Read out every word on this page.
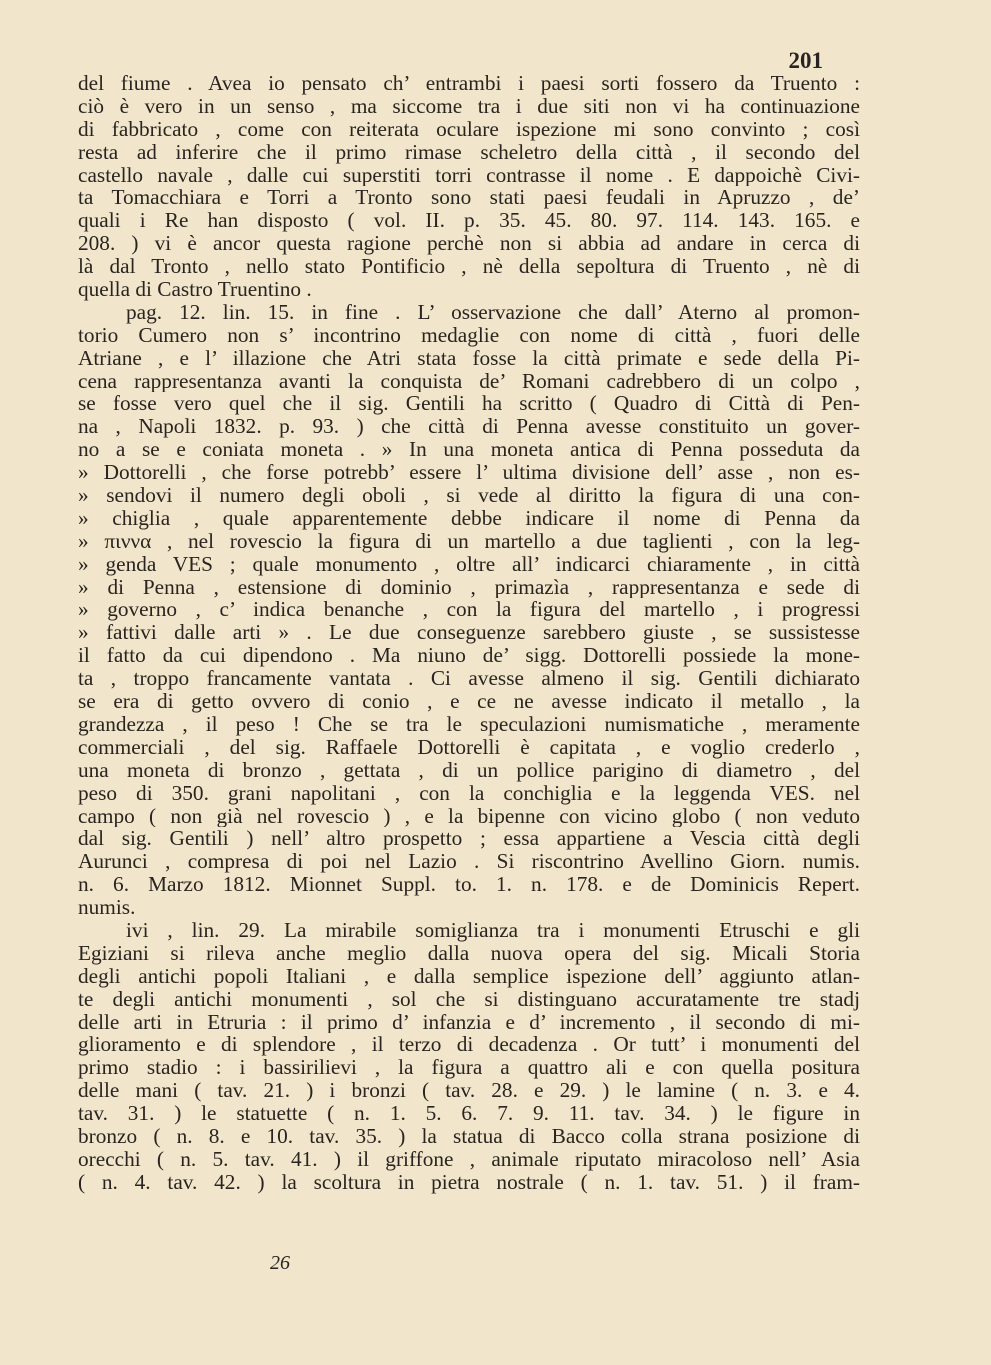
201
del fiume . Avea io pensato ch’ entrambi i paesi sorti fossero da Truento :
ciò è vero in un senso , ma siccome tra i due siti non vi ha continuazione
di fabbricato , come con reiterata oculare ispezione mi sono convinto ; così
resta ad inferire che il primo rimase scheletro della città , il secondo del
castello navale , dalle cui superstiti torri contrasse il nome . E dappoichè Civi-
ta Tomacchiara e Torri a Tronto sono stati paesi feudali in Apruzzo , de’
quali i Re han disposto ( vol. II. p. 35. 45. 80. 97. 114. 143. 165. e
208. ) vi è ancor questa ragione perchè non si abbia ad andare in cerca di
là dal Tronto , nello stato Pontificio , nè della sepoltura di Truento , nè di
quella di Castro Truentino .
pag. 12. lin. 15. in fine . L’ osservazione che dall’ Aterno al promon-
torio Cumero non s’ incontrino medaglie con nome di città , fuori delle
Atriane , e l’ illazione che Atri stata fosse la città primate e sede della Pi-
cena rappresentanza avanti la conquista de’ Romani cadrebbero di un colpo ,
se fosse vero quel che il sig. Gentili ha scritto ( Quadro di Città di Pen-
na , Napoli 1832. p. 93. ) che città di Penna avesse constituito un gover-
no a se e coniata moneta . » In una moneta antica di Penna posseduta da
» Dottorelli , che forse potrebb’ essere l’ ultima divisione dell’ asse , non es-
» sendovi il numero degli oboli , si vede al diritto la figura di una con-
» chiglia , quale apparentemente debbe indicare il nome di Penna da
» πιννα , nel rovescio la figura di un martello a due taglienti , con la leg-
» genda VES ; quale monumento , oltre all’ indicarci chiaramente , in città
» di Penna , estensione di dominio , primazìa , rappresentanza e sede di
» governo , c’ indica benanche , con la figura del martello , i progressi
» fattivi dalle arti » . Le due conseguenze sarebbero giuste , se sussistesse
il fatto da cui dipendono . Ma niuno de’ sigg. Dottorelli possiede la mone-
ta , troppo francamente vantata . Ci avesse almeno il sig. Gentili dichiarato
se era di getto ovvero di conio , e ce ne avesse indicato il metallo , la
grandezza , il peso ! Che se tra le speculazioni numismatiche , meramente
commerciali , del sig. Raffaele Dottorelli è capitata , e voglio crederlo ,
una moneta di bronzo , gettata , di un pollice parigino di diametro , del
peso di 350. grani napolitani , con la conchiglia e la leggenda VES. nel
campo ( non già nel rovescio ) , e la bipenne con vicino globo ( non veduto
dal sig. Gentili ) nell’ altro prospetto ; essa appartiene a Vescia città degli
Aurunci , compresa di poi nel Lazio . Si riscontrino Avellino Giorn. numis.
n. 6. Marzo 1812. Mionnet Suppl. to. 1. n. 178. e de Dominicis Repert.
numis.
ivi , lin. 29. La mirabile somiglianza tra i monumenti Etruschi e gli
Egiziani si rileva anche meglio dalla nuova opera del sig. Micali Storia
degli antichi popoli Italiani , e dalla semplice ispezione dell’ aggiunto atlan-
te degli antichi monumenti , sol che si distinguano accuratamente tre stadj
delle arti in Etruria : il primo d’ infanzia e d’ incremento , il secondo di mi-
glioramento e di splendore , il terzo di decadenza . Or tutt’ i monumenti del
primo stadio : i bassirilievi , la figura a quattro ali e con quella positura
delle mani ( tav. 21. ) i bronzi ( tav. 28. e 29. ) le lamine ( n. 3. e 4.
tav. 31. ) le statuette ( n. 1. 5. 6. 7. 9. 11. tav. 34. ) le figure in
bronzo ( n. 8. e 10. tav. 35. ) la statua di Bacco colla strana posizione di
orecchi ( n. 5. tav. 41. ) il griffone , animale riputato miracoloso nell’ Asia
( n. 4. tav. 42. ) la scoltura in pietra nostrale ( n. 1. tav. 51. ) il fram-
26
